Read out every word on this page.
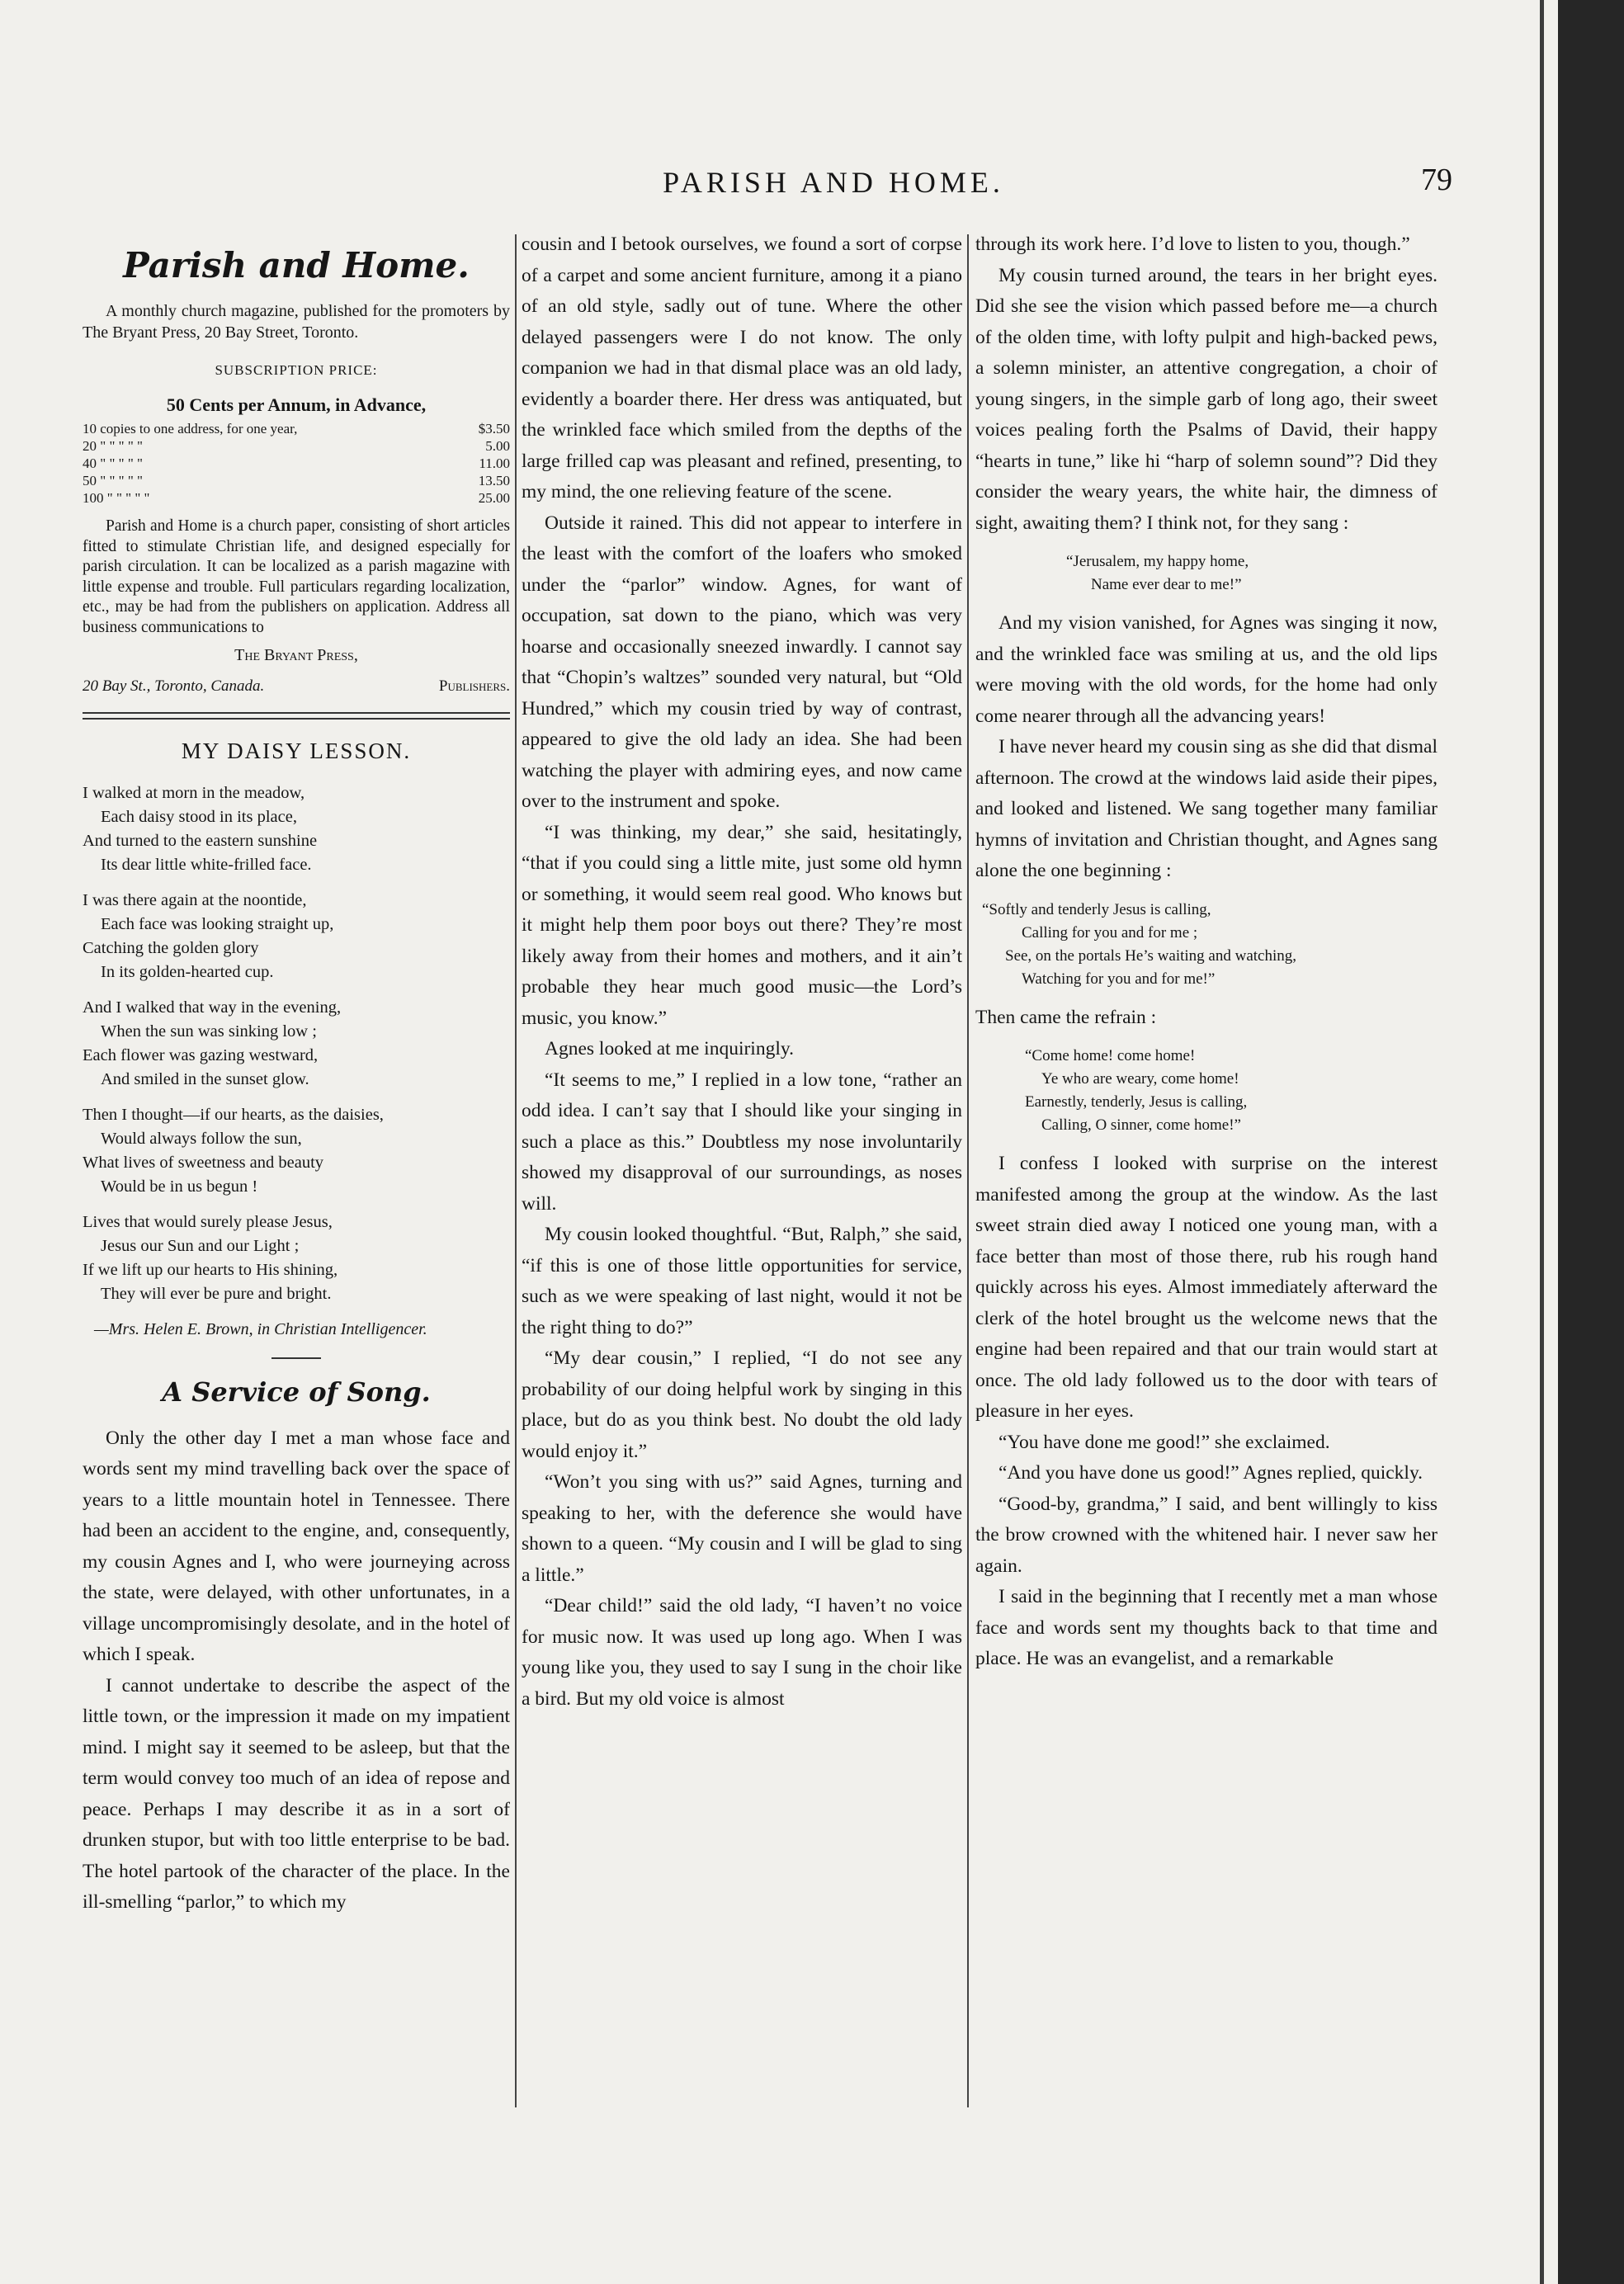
PARISH AND HOME.	79
Parish and Home.

A monthly church magazine, published for the promoters by The Bryant Press, 20 Bay Street, Toronto.

SUBSCRIPTION PRICE:
50 Cents per Annum, in Advance,
10 copies to one address, for one year,	$3.50
20 " " " " "	5.00
40 " " " " "	11.00
50 " " " " "	13.50
100 " " " " "	25.00

Parish and Home is a church paper, consisting of short articles fitted to stimulate Christian life, and designed especially for parish circulation. It can be localized as a parish magazine with little expense and trouble. Full particulars regarding localization, etc., may be had from the publishers on application. Address all business communications to

The Bryant Press,
20 Bay St., Toronto, Canada.	Publishers.
MY DAISY LESSON.
I walked at morn in the meadow,
Each daisy stood in its place,
And turned to the eastern sunshine
Its dear little white-frilled face.
I was there again at the noontide,
Each face was looking straight up,
Catching the golden glory
In its golden-hearted cup.
And I walked that way in the evening,
When the sun was sinking low ;
Each flower was gazing westward,
And smiled in the sunset glow.
Then I thought—if our hearts, as the daisies,
Would always follow the sun,
What lives of sweetness and beauty
Would be in us begun !
Lives that would surely please Jesus,
Jesus our Sun and our Light ;
If we lift up our hearts to His shining,
They will ever be pure and bright.
—Mrs. Helen E. Brown, in Christian Intelligencer.
A Service of Song.

Only the other day I met a man whose face and words sent my mind travelling back over the space of years to a little mountain hotel in Tennessee. There had been an accident to the engine, and, consequently, my cousin Agnes and I, who were journeying across the state, were delayed, with other unfortunates, in a village uncompromisingly desolate, and in the hotel of which I speak.

I cannot undertake to describe the aspect of the little town, or the impression it made on my impatient mind. I might say it seemed to be asleep, but that the term would convey too much of an idea of repose and peace. Perhaps I may describe it as in a sort of drunken stupor, but with too little enterprise to be bad. The hotel partook of the character of the place. In the ill-smelling “parlor,” to which my

cousin and I betook ourselves, we found a sort of corpse of a carpet and some ancient furniture, among it a piano of an old style, sadly out of tune. Where the other delayed passengers were I do not know. The only companion we had in that dismal place was an old lady, evidently a boarder there. Her dress was antiquated, but the wrinkled face which smiled from the depths of the large frilled cap was pleasant and refined, presenting, to my mind, the one relieving feature of the scene.

Outside it rained. This did not appear to interfere in the least with the comfort of the loafers who smoked under the “parlor” window. Agnes, for want of occupation, sat down to the piano, which was very hoarse and occasionally sneezed inwardly. I cannot say that “Chopin’s waltzes” sounded very natural, but “Old Hundred,” which my cousin tried by way of contrast, appeared to give the old lady an idea. She had been watching the player with admiring eyes, and now came over to the instrument and spoke.

“I was thinking, my dear,” she said, hesitatingly, “that if you could sing a little mite, just some old hymn or something, it would seem real good. Who knows but it might help them poor boys out there? They’re most likely away from their homes and mothers, and it ain’t probable they hear much good music—the Lord’s music, you know.”

Agnes looked at me inquiringly.

“It seems to me,” I replied in a low tone, “rather an odd idea. I can’t say that I should like your singing in such a place as this.” Doubtless my nose involuntarily showed my disapproval of our surroundings, as noses will.

My cousin looked thoughtful. “But, Ralph,” she said, “if this is one of those little opportunities for service, such as we were speaking of last night, would it not be the right thing to do?”

“My dear cousin,” I replied, “I do not see any probability of our doing helpful work by singing in this place, but do as you think best. No doubt the old lady would enjoy it.”

“Won’t you sing with us?” said Agnes, turning and speaking to her, with the deference she would have shown to a queen. “My cousin and I will be glad to sing a little.”

“Dear child!” said the old lady, “I haven’t no voice for music now. It was used up long ago. When I was young like you, they used to say I sung in the choir like a bird. But my old voice is almost

through its work here. I’d love to listen to you, though.”

My cousin turned around, the tears in her bright eyes. Did she see the vision which passed before me—a church of the olden time, with lofty pulpit and high-backed pews, a solemn minister, an attentive congregation, a choir of young singers, in the simple garb of long ago, their sweet voices pealing forth the Psalms of David, their happy “hearts in tune,” like hi “harp of solemn sound”? Did they consider the weary years, the white hair, the dimness of sight, awaiting them? I think not, for they sang :

“Jerusalem, my happy home,
Name ever dear to me!”

And my vision vanished, for Agnes was singing it now, and the wrinkled face was smiling at us, and the old lips were moving with the old words, for the home had only come nearer through all the advancing years!

I have never heard my cousin sing as she did that dismal afternoon. The crowd at the windows laid aside their pipes, and looked and listened. We sang together many familiar hymns of invitation and Christian thought, and Agnes sang alone the one beginning :

“Softly and tenderly Jesus is calling,
Calling for you and for me ;
See, on the portals He’s waiting and watching,
Watching for you and for me!”

Then came the refrain :

“Come home! come home!
Ye who are weary, come home!
Earnestly, tenderly, Jesus is calling,
Calling, O sinner, come home!”

I confess I looked with surprise on the interest manifested among the group at the window. As the last sweet strain died away I noticed one young man, with a face better than most of those there, rub his rough hand quickly across his eyes. Almost immediately afterward the clerk of the hotel brought us the welcome news that the engine had been repaired and that our train would start at once. The old lady followed us to the door with tears of pleasure in her eyes.

“You have done me good!” she exclaimed.

“And you have done us good!” Agnes replied, quickly.

“Good-by, grandma,” I said, and bent willingly to kiss the brow crowned with the whitened hair. I never saw her again.

I said in the beginning that I recently met a man whose face and words sent my thoughts back to that time and place. He was an evangelist, and a remarkable
